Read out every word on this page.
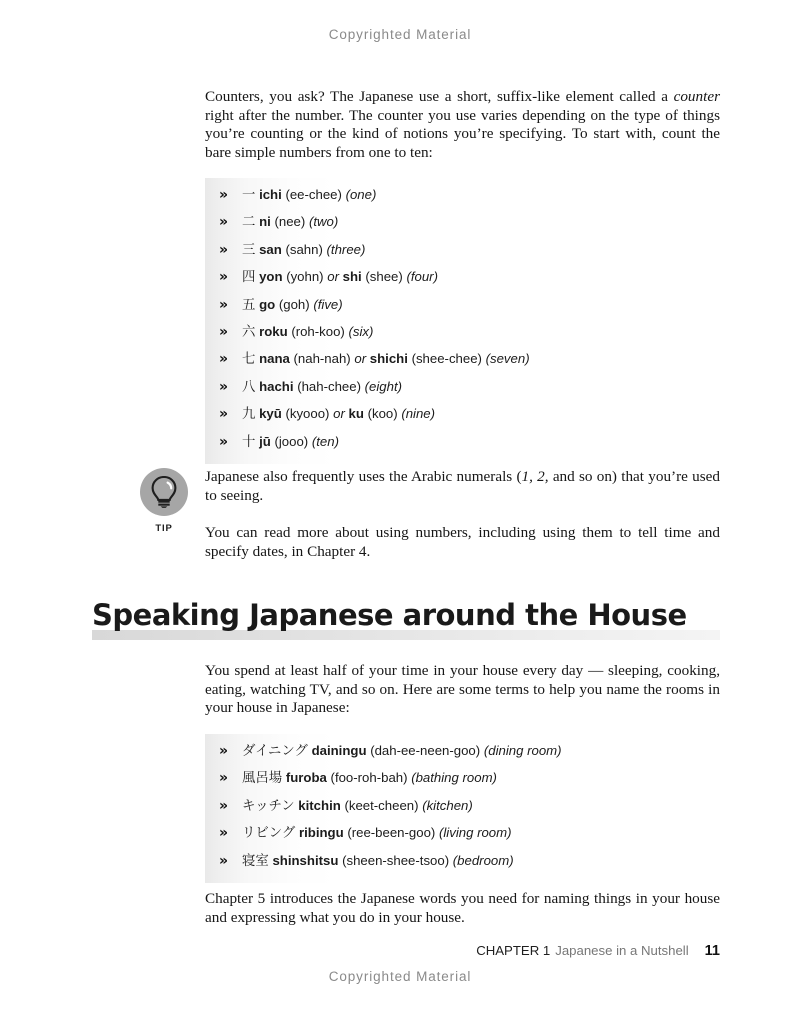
Copyrighted Material

Counters, you ask? The Japanese use a short, suffix-like element called a counter right after the number. The counter you use varies depending on the type of things you’re counting or the kind of notions you’re specifying. To start with, count the bare simple numbers from one to ten:

»	一 ichi (ee-chee) (one)
»	二 ni (nee) (two)
»	三 san (sahn) (three)
»	四 yon (yohn) or shi (shee) (four)
»	五 go (goh) (five)
»	六 roku (roh-koo) (six)
»	七 nana (nah-nah) or shichi (shee-chee) (seven)
»	八 hachi (hah-chee) (eight)
»	九 kyū (kyooo) or ku (koo) (nine)
»	十 jū (jooo) (ten)
TIP

Japanese also frequently uses the Arabic numerals (1, 2, and so on) that you’re used to seeing.

You can read more about using numbers, including using them to tell time and specify dates, in Chapter 4.

Speaking Japanese around the House

You spend at least half of your time in your house every day — sleeping, cooking, eating, watching TV, and so on. Here are some terms to help you name the rooms in your house in Japanese:

»	ダイニング dainingu (dah-ee-neen-goo) (dining room)
»	風呂場 furoba (foo-roh-bah) (bathing room)
»	キッチン kitchin (keet-cheen) (kitchen)
»	リビング ribingu (ree-been-goo) (living room)
»	寝室 shinshitsu (sheen-shee-tsoo) (bedroom)

Chapter 5 introduces the Japanese words you need for naming things in your house and expressing what you do in your house.

CHAPTER 1 Japanese in a Nutshell 11
Copyrighted Material
